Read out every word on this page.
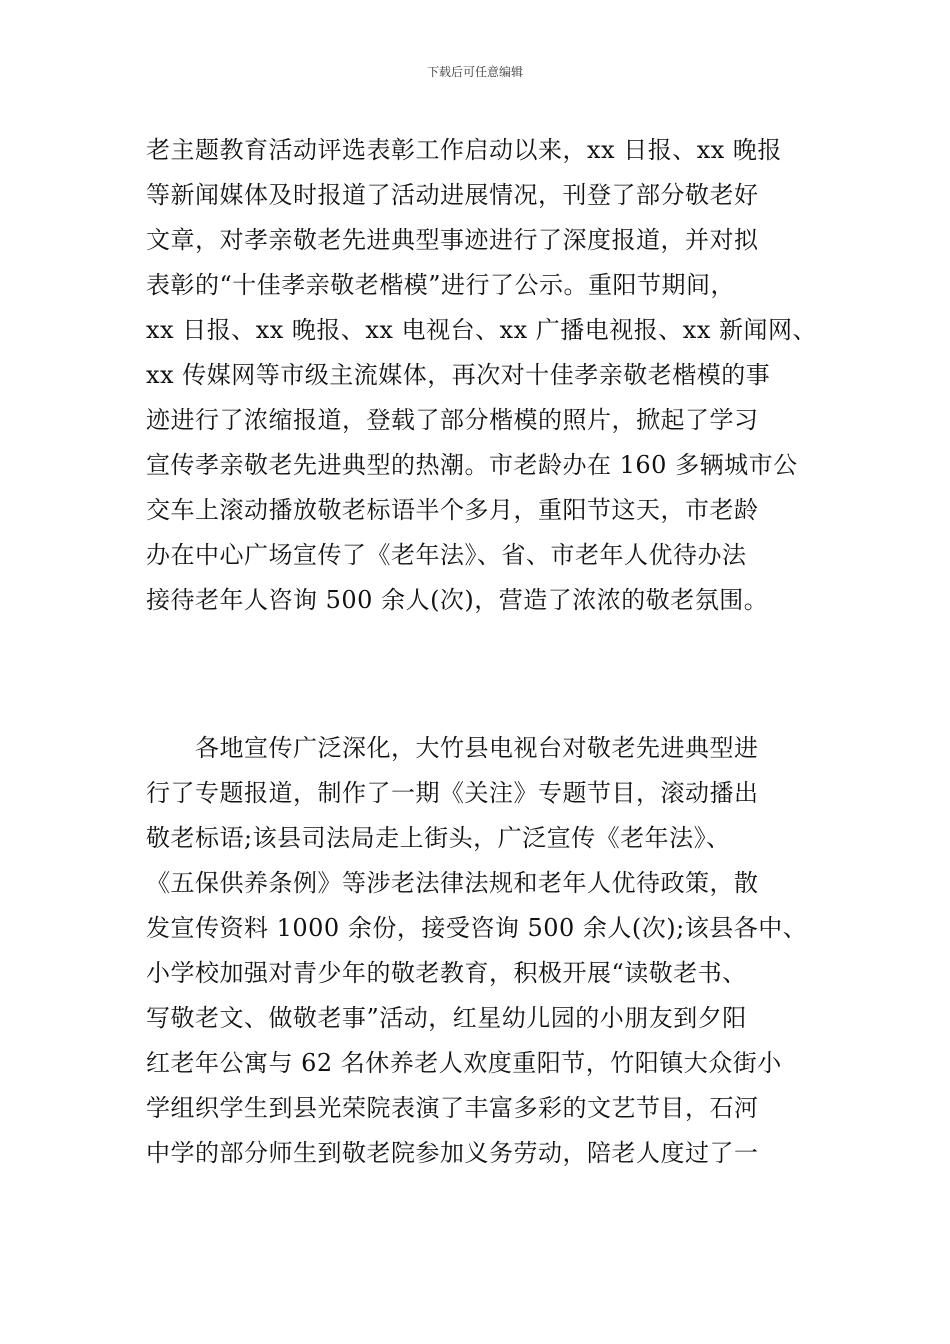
下载后可任意编辑
老主题教育活动评选表彰工作启动以来，xx 日报、xx 晚报
等新闻媒体及时报道了活动进展情况，刊登了部分敬老好
文章，对孝亲敬老先进典型事迹进行了深度报道，并对拟
表彰的“十佳孝亲敬老楷模”进行了公示。重阳节期间，
xx 日报、xx 晚报、xx 电视台、xx 广播电视报、xx 新闻网、
xx 传媒网等市级主流媒体，再次对十佳孝亲敬老楷模的事
迹进行了浓缩报道，登载了部分楷模的照片，掀起了学习
宣传孝亲敬老先进典型的热潮。市老龄办在 160 多辆城市公
交车上滚动播放敬老标语半个多月，重阳节这天，市老龄
办在中心广场宣传了《老年法》、省、市老年人优待办法
接待老年人咨询 500 余人(次)，营造了浓浓的敬老氛围。
　　各地宣传广泛深化，大竹县电视台对敬老先进典型进
行了专题报道，制作了一期《关注》专题节目，滚动播出
敬老标语;该县司法局走上街头，广泛宣传《老年法》、
《五保供养条例》等涉老法律法规和老年人优待政策，散
发宣传资料 1000 余份，接受咨询 500 余人(次);该县各中、
小学校加强对青少年的敬老教育，积极开展“读敬老书、
写敬老文、做敬老事”活动，红星幼儿园的小朋友到夕阳
红老年公寓与 62 名休养老人欢度重阳节，竹阳镇大众街小
学组织学生到县光荣院表演了丰富多彩的文艺节目，石河
中学的部分师生到敬老院参加义务劳动，陪老人度过了一
